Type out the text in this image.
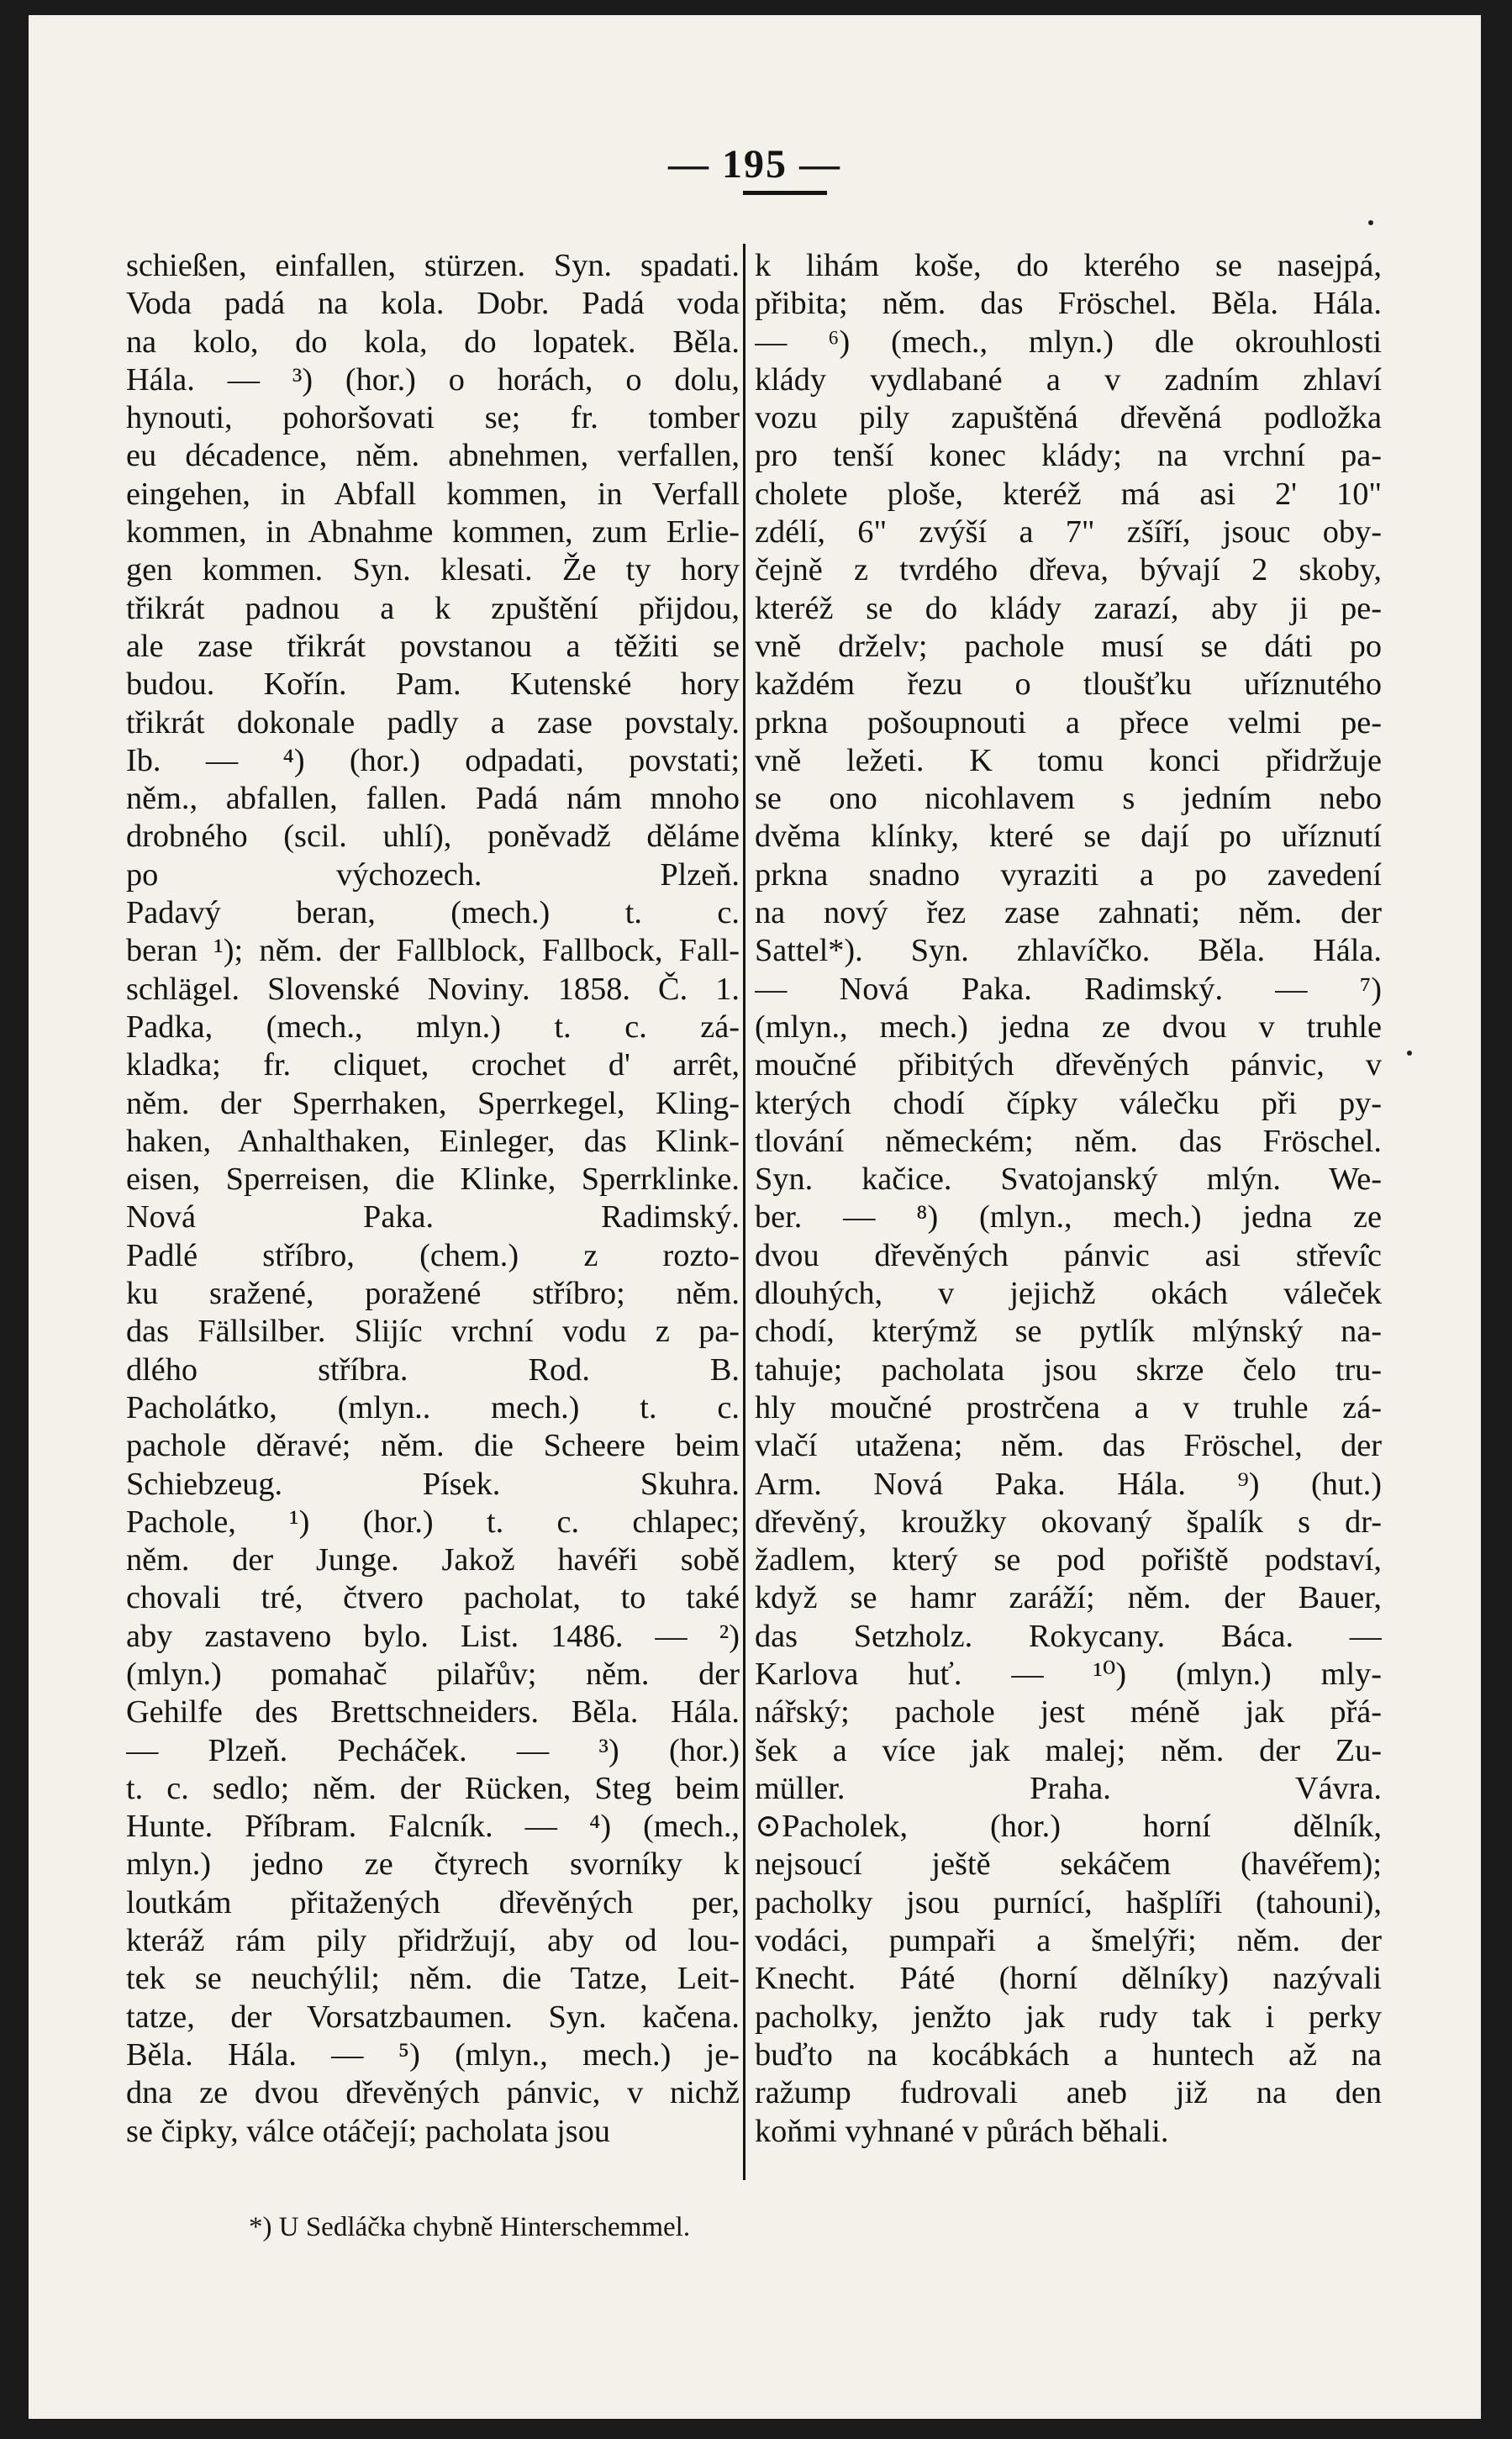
— 195 —
schießen, einfallen, stürzen. Syn. spadati.
Voda padá na kola. Dobr. Padá voda
na kolo, do kola, do lopatek. Běla.
Hála. — ³) (hor.) o horách, o dolu,
hynouti, pohoršovati se; fr. tomber
eu décadence, něm. abnehmen, verfallen,
eingehen, in Abfall kommen, in Verfall
kommen, in Abnahme kommen, zum Erlie-
gen kommen. Syn. klesati. Že ty hory
třikrát padnou a k zpuštění přijdou,
ale zase třikrát povstanou a těžiti se
budou. Kořín. Pam. Kutenské hory
třikrát dokonale padly a zase povstaly.
Ib. — ⁴) (hor.) odpadati, povstati;
něm., abfallen, fallen. Padá nám mnoho
drobného (scil. uhlí), poněvadž děláme
po výchozech. Plzeň.
Padavý beran, (mech.) t. c.
beran ¹); něm. der Fallblock, Fallbock, Fall-
schlägel. Slovenské Noviny. 1858. Č. 1.
Padka, (mech., mlyn.) t. c. zá-
kladka; fr. cliquet, crochet d' arrêt,
něm. der Sperrhaken, Sperrkegel, Kling-
haken, Anhalthaken, Einleger, das Klink-
eisen, Sperreisen, die Klinke, Sperrklinke.
Nová Paka. Radimský.
Padlé stříbro, (chem.) z rozto-
ku sražené, poražené stříbro; něm.
das Fällsilber. Slijíc vrchní vodu z pa-
dlého stříbra. Rod. B.
Pacholátko, (mlyn.. mech.) t. c.
pachole děravé; něm. die Scheere beim
Schiebzeug. Písek. Skuhra.
Pachole, ¹) (hor.) t. c. chlapec;
něm. der Junge. Jakož havéři sobě
chovali tré, čtvero pacholat, to také
aby zastaveno bylo. List. 1486. — ²)
(mlyn.) pomahač pilařův; něm. der
Gehilfe des Brettschneiders. Běla. Hála.
— Plzeň. Pecháček. — ³) (hor.)
t. c. sedlo; něm. der Rücken, Steg beim
Hunte. Příbram. Falcník. — ⁴) (mech.,
mlyn.) jedno ze čtyrech svorníky k
loutkám přitažených dřevěných per,
kteráž rám pily přidržují, aby od lou-
tek se neuchýlil; něm. die Tatze, Leit-
tatze, der Vorsatzbaumen. Syn. kačena.
Běla. Hála. — ⁵) (mlyn., mech.) je-
dna ze dvou dřevěných pánvic, v nichž
se čipky, válce otáčejí; pacholata jsou
k lihám koše, do kterého se nasejpá,
přibita; něm. das Fröschel. Běla. Hála.
— ⁶) (mech., mlyn.) dle okrouhlosti
klády vydlabané a v zadním zhlaví
vozu pily zapuštěná dřevěná podložka
pro tenší konec klády; na vrchní pa-
cholete ploše, kteréž má asi 2' 10"
zdélí, 6" zvýší a 7" zšíří, jsouc oby-
čejně z tvrdého dřeva, bývají 2 skoby,
kteréž se do klády zarazí, aby ji pe-
vně drželv; pachole musí se dáti po
každém řezu o tloušťku uříznutého
prkna pošoupnouti a přece velmi pe-
vně ležeti. K tomu konci přidržuje
se ono nicohlavem s jedním nebo
dvěma klínky, které se dají po uříznutí
prkna snadno vyraziti a po zavedení
na nový řez zase zahnati; něm. der
Sattel*). Syn. zhlavíčko. Běla. Hála.
— Nová Paka. Radimský. — ⁷)
(mlyn., mech.) jedna ze dvou v truhle
moučné přibitých dřevěných pánvic, v
kterých chodí čípky válečku při py-
tlování německém; něm. das Fröschel.
Syn. kačice. Svatojanský mlýn. We-
ber. — ⁸) (mlyn., mech.) jedna ze
dvou dřevěných pánvic asi střeví̇c
dlouhých, v jejichž okách váleček
chodí, kterýmž se pytlík mlýnský na-
tahuje; pacholata jsou skrze čelo tru-
hly moučné prostrčena a v truhle zá-
vlačí utažena; něm. das Fröschel, der
Arm. Nová Paka. Hála. ⁹) (hut.)
dřevěný, kroužky okovaný špalík s dr-
žadlem, který se pod pořiště podstaví,
když se hamr zaráží; něm. der Bauer,
das Setzholz. Rokycany. Báca. —
Karlova huť. — ¹⁰) (mlyn.) mly-
nářský; pachole jest méně jak přá-
šek a více jak malej; něm. der Zu-
müller. Praha. Vávra.
⊙Pacholek, (hor.) horní dělník,
nejsoucí ještě sekáčem (havéřem);
pacholky jsou purnící, hašplíři (tahouni),
vodáci, pumpaři a šmelýři; něm. der
Knecht. Páté (horní dělníky) nazývali
pacholky, jenžto jak rudy tak i perky
buďto na kocábkách a huntech až na
ražump fudrovali aneb již na den
koňmi vyhnané v půrách běhali.
*) U Sedláčka chybně Hinterschemmel.
